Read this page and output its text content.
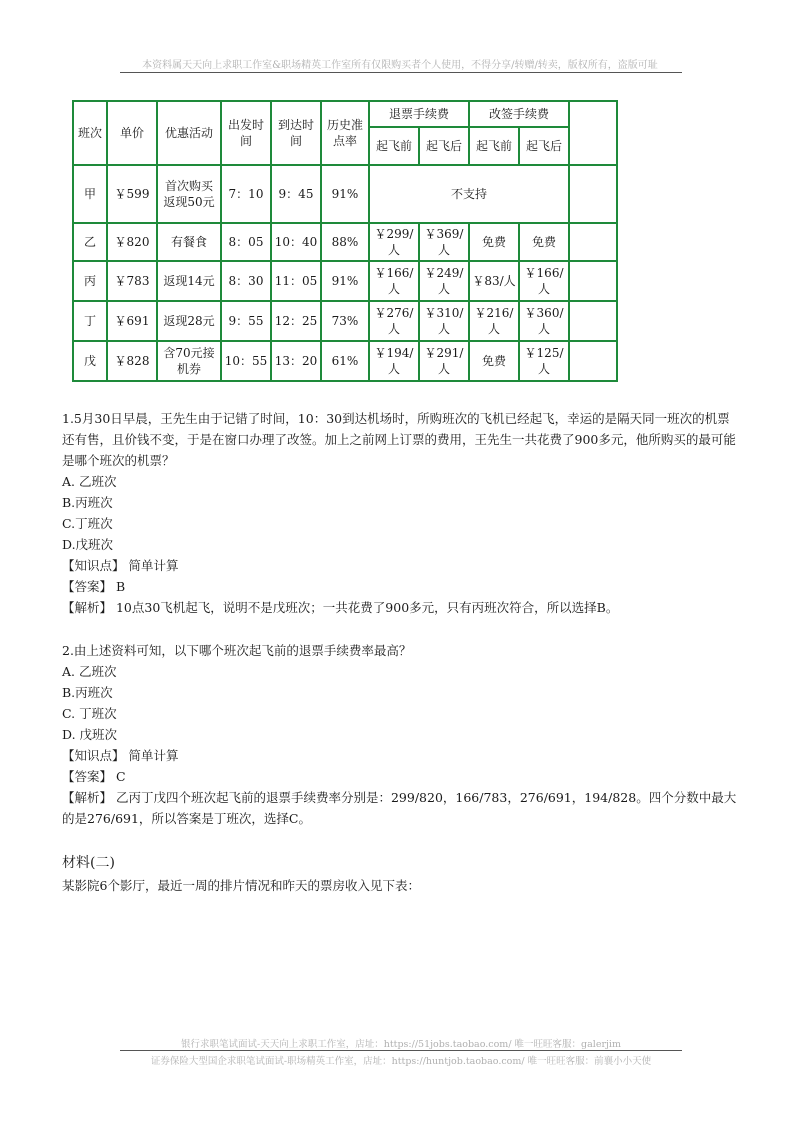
本资料属天天向上求职工作室&职场精英工作室所有仅限购买者个人使用，不得分享/转赠/转卖，版权所有，盗版可耻
班次	单价	优惠活动	出发时间	到达时间	历史准点率	退票手续费		改签手续费		
						起飞前	起飞后	起飞前	起飞后	
甲	￥599	首次购买返现50元	7：10	9：45	91%	不支持				
乙	￥820	有餐食	8：05	10：40	88%	￥299/人	￥369/人	免费	免费	
丙	￥783	返现14元	8：30	11：05	91%	￥166/人	￥249/人	￥83/人	￥166/人	
丁	￥691	返现28元	9：55	12：25	73%	￥276/人	￥310/人	￥216/人	￥360/人	
戊	￥828	含70元接机券	10：55	13：20	61%	￥194/人	￥291/人	免费	￥125/人	

1.5月30日早晨，王先生由于记错了时间，10：30到达机场时，所购班次的飞机已经起飞，幸运的是隔天同一班次的机票还有售，且价钱不变，于是在窗口办理了改签。加上之前网上订票的费用，王先生一共花费了900多元，他所购买的最可能是哪个班次的机票？

A. 乙班次

B.丙班次

C.丁班次

D.戊班次

【知识点】 简单计算

【答案】 B

【解析】 10点30飞机起飞，说明不是戊班次；一共花费了900多元，只有丙班次符合，所以选择B。

2.由上述资料可知，以下哪个班次起飞前的退票手续费率最高？

A. 乙班次

B.丙班次

C. 丁班次

D. 戊班次

【知识点】 简单计算

【答案】 C

【解析】 乙丙丁戊四个班次起飞前的退票手续费率分别是：299/820，166/783，276/691，194/828。四个分数中最大的是276/691，所以答案是丁班次，选择C。

材料(二)
某影院6个影厅，最近一周的排片情况和昨天的票房收入见下表：
银行求职笔试面试-天天向上求职工作室，店址：https://51jobs.taobao.com/ 唯一旺旺客服：galerjim
证券保险大型国企求职笔试面试-职场精英工作室，店址：https://huntjob.taobao.com/ 唯一旺旺客服：前襄小小天使
